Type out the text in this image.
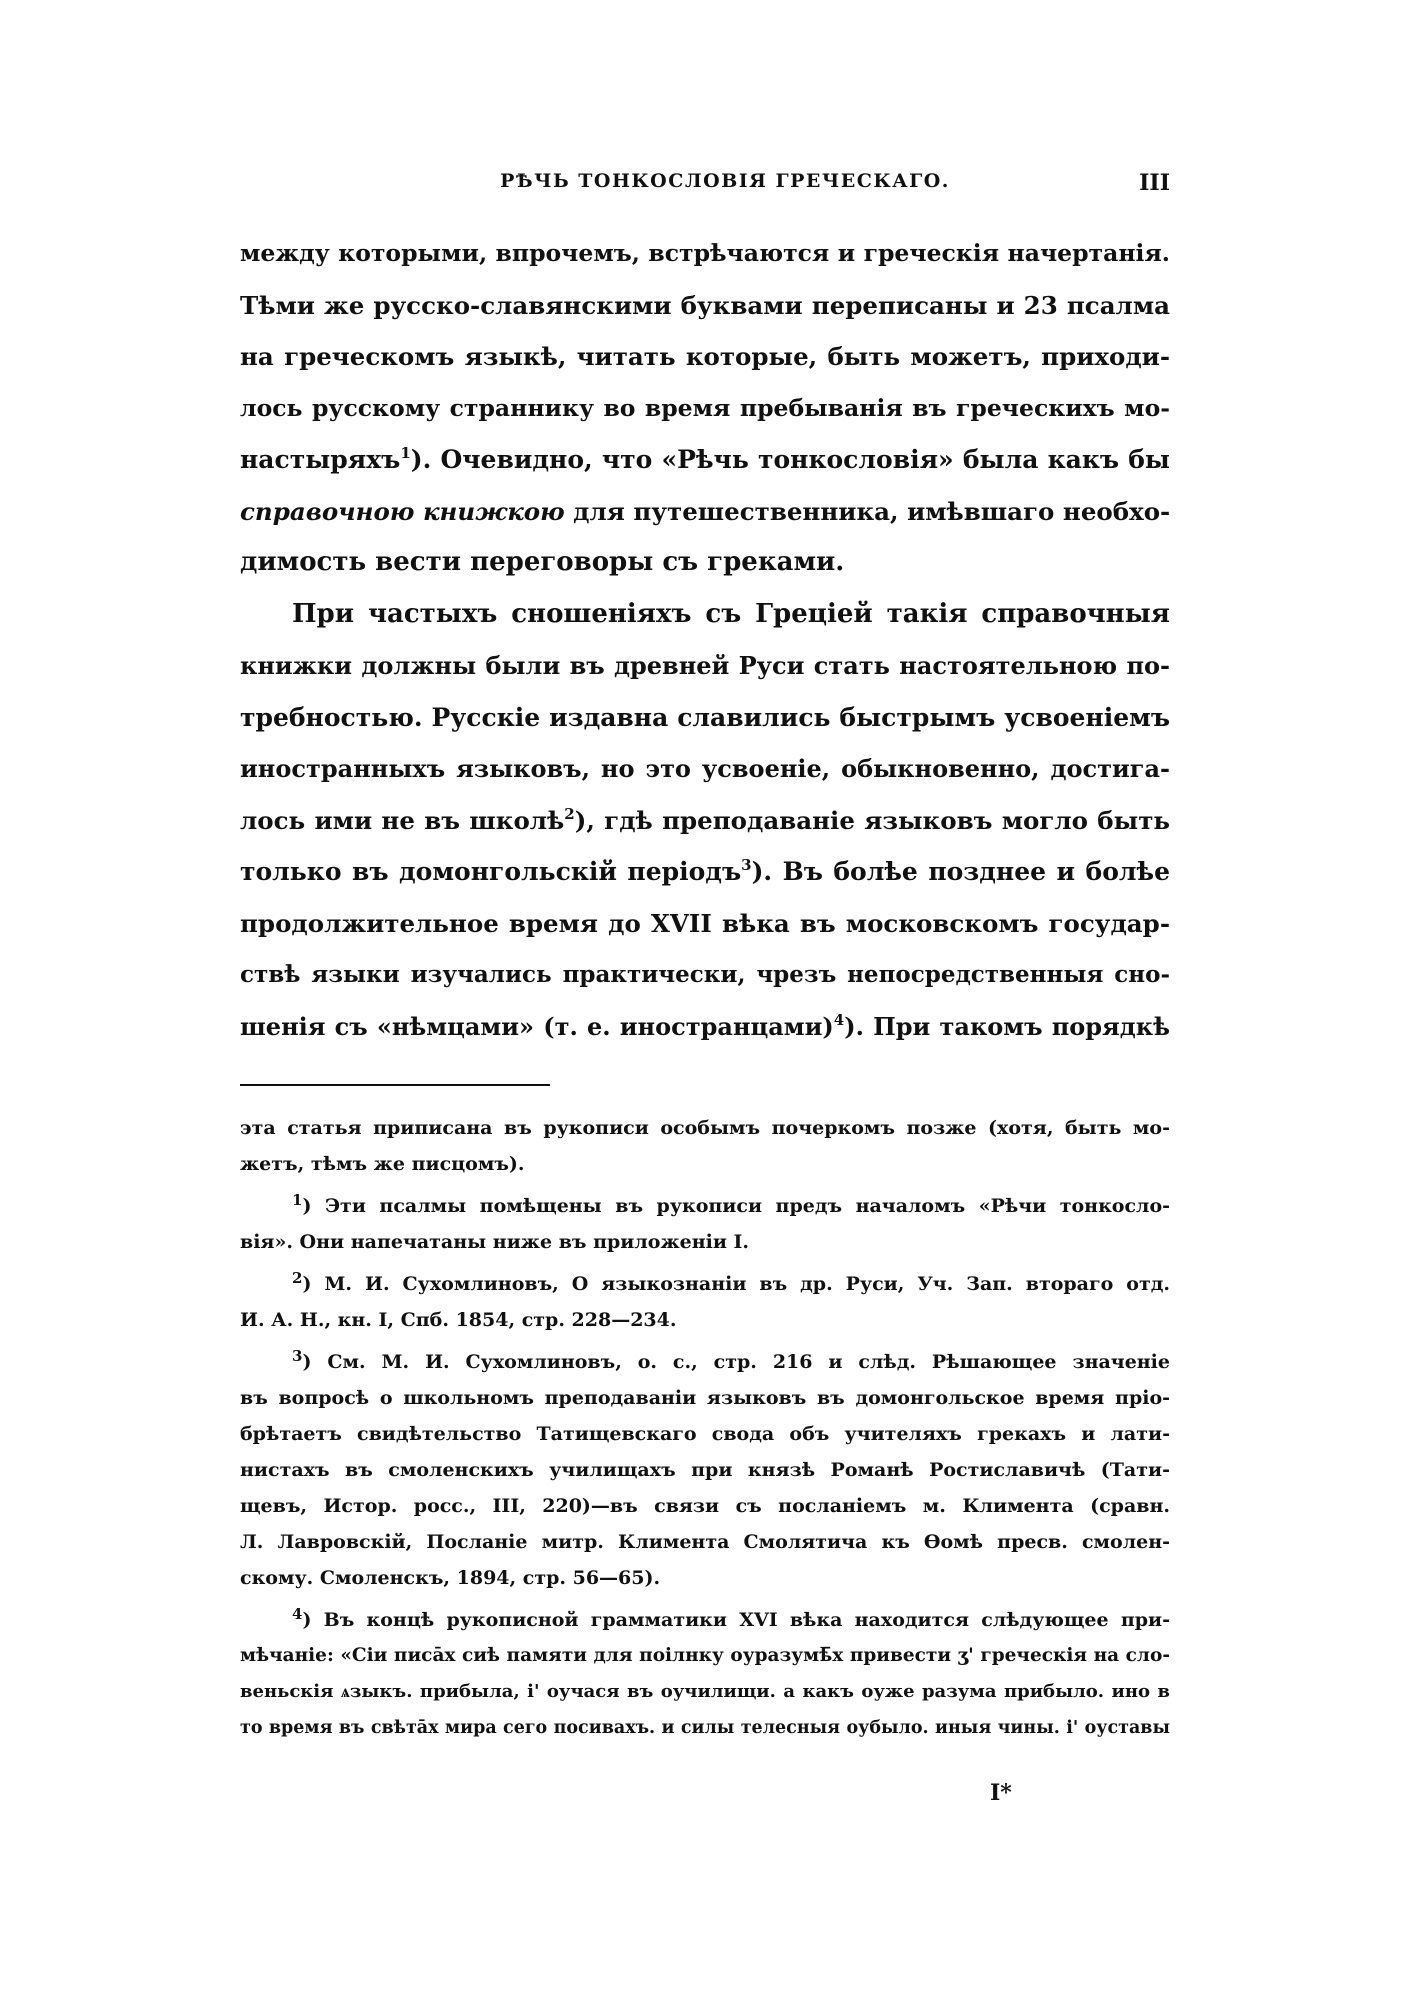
РѢЧЬ ТОНКОСЛОВІЯ ГРЕЧЕСКАГО.	III
между которыми, впрочемъ, встрѣчаются и греческія начертанія.
Тѣми же русско-славянскими буквами переписаны и 23 псалма
на греческомъ языкѣ, читать которые, быть можетъ, приходи-
лось русскому страннику во время пребыванія въ греческихъ мо-
настыряхъ$^1$). Очевидно, что «Рѣчь тонкословія» была какъ бы
справочною книжкою для путешественника, имѣвшаго необхо-
димость вести переговоры съ греками.
При частыхъ сношеніяхъ съ Греціей такія справочныя
книжки должны были въ древней Руси стать настоятельною по-
требностью. Русскіе издавна славились быстрымъ усвоеніемъ
иностранныхъ языковъ, но это усвоеніе, обыкновенно, достига-
лось ими не въ школѣ$^2$), гдѣ преподаваніе языковъ могло быть
только въ домонгольскій періодъ$^3$). Въ болѣе позднее и болѣе
продолжительное время до XVII вѣка въ московскомъ государ-
ствѣ языки изучались практически, чрезъ непосредственныя сно-
шенія съ «нѣмцами» (т. е. иностранцами)$^4$). При такомъ порядкѣ
эта статья приписана въ рукописи особымъ почеркомъ позже (хотя, быть мо-
жетъ, тѣмъ же писцомъ).
$^1$) Эти псалмы помѣщены въ рукописи предъ началомъ «Рѣчи тонкосло-
вія». Они напечатаны ниже въ приложеніи I.
$^2$) М. И. Сухомлиновъ, О языкознаніи въ др. Руси, Уч. Зап. втораго отд.
И. А. Н., кн. I, Спб. 1854, стр. 228—234.
$^3$) См. М. И. Сухомлиновъ, о. с., стр. 216 и слѣд. Рѣшающее значеніе
въ вопросѣ о школьномъ преподаваніи языковъ въ домонгольское время пріо-
брѣтаетъ свидѣтельство Татищевскаго свода объ учителяхъ грекахъ и лати-
нистахъ въ смоленскихъ училищахъ при князѣ Романѣ Ростиславичѣ (Тати-
щевъ, Истор. росс., III, 220)—въ связи съ посланіемъ м. Климента (сравн.
Л. Лавровскій, Посланіе митр. Климента Смолятича къ Ѳомѣ пресв. смолен-
скому. Смоленскъ, 1894, стр. 56—65).
$^4$) Въ концѣ рукописной грамматики XVI вѣка находится слѣдующее при-
мѣчаніе: «Сіи писа̄х сиѣ памяти для поілнку оуразумѣ̄х привести ӡ' греческія на сло-
веньскія ѧзыкъ. прибыла, і' оучася въ оучилищи. а какъ оуже разума прибыло. ино в
то время въ свѣта̄х мира сего посивахъ. и силы телесныя оубыло. иныя чины. і' оуставы
I*
